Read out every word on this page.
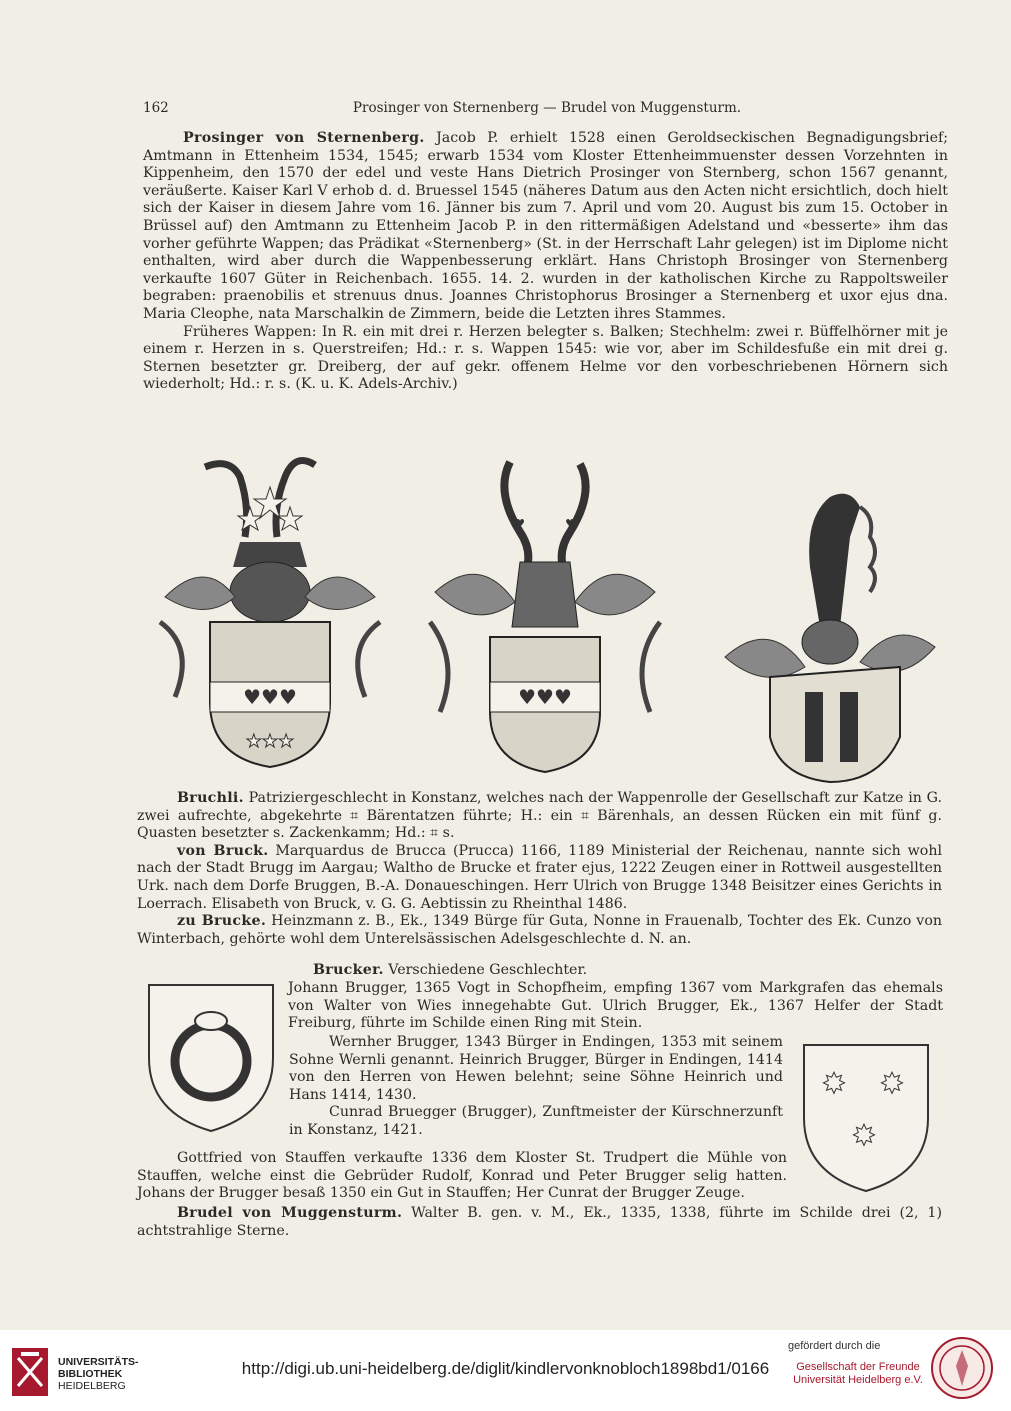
162	Prosinger von Sternenberg — Brudel von Muggensturm.

Prosinger von Sternenberg. Jacob P. erhielt 1528 einen Geroldseckischen Begnadigungsbrief; Amtmann in Ettenheim 1534, 1545; erwarb 1534 vom Kloster Ettenheimmuenster dessen Vorzehnten in Kippenheim, den 1570 der edel und veste Hans Dietrich Prosinger von Sternberg, schon 1567 genannt, veräußerte. Kaiser Karl V erhob d. d. Bruessel 1545 (näheres Datum aus den Acten nicht ersichtlich, doch hielt sich der Kaiser in diesem Jahre vom 16. Jänner bis zum 7. April und vom 20. August bis zum 15. October in Brüssel auf) den Amtmann zu Ettenheim Jacob P. in den rittermäßigen Adelstand und «besserte» ihm das vorher geführte Wappen; das Prädikat «Sternenberg» (St. in der Herrschaft Lahr gelegen) ist im Diplome nicht enthalten, wird aber durch die Wappenbesserung erklärt. Hans Christoph Brosinger von Sternenberg verkaufte 1607 Güter in Reichenbach. 1655. 14. 2. wurden in der katholischen Kirche zu Rappoltsweiler begraben: praenobilis et strenuus dnus. Joannes Christophorus Brosinger a Sternenberg et uxor ejus dna. Maria Cleophe, nata Marschalkin de Zimmern, beide die Letzten ihres Stammes.

Früheres Wappen: In R. ein mit drei r. Herzen belegter s. Balken; Stechhelm: zwei r. Büffelhörner mit je einem r. Herzen in s. Querstreifen; Hd.: r. s. Wappen 1545: wie vor, aber im Schildesfuße ein mit drei g. Sternen besetzter gr. Dreiberg, der auf gekr. offenem Helme vor den vorbeschriebenen Hörnern sich wiederholt; Hd.: r. s. (K. u. K. Adels-Archiv.)

♥♥♥
★★★
♥	♥
♥♥♥

Bruchli. Patriziergeschlecht in Konstanz, welches nach der Wappenrolle der Gesellschaft zur Katze in G. zwei aufrechte, abgekehrte ⌗ Bärentatzen führte; H.: ein ⌗ Bärenhals, an dessen Rücken ein mit fünf g. Quasten besetzter s. Zackenkamm; Hd.: ⌗ s.

von Bruck. Marquardus de Brucca (Prucca) 1166, 1189 Ministerial der Reichenau, nannte sich wohl nach der Stadt Brugg im Aargau; Waltho de Brucke et frater ejus, 1222 Zeugen einer in Rottweil ausgestellten Urk. nach dem Dorfe Bruggen, B.-A. Donaueschingen. Herr Ulrich von Brugge 1348 Beisitzer eines Gerichts in Loerrach. Elisabeth von Bruck, v. G. G. Aebtissin zu Rheinthal 1486.

zu Brucke. Heinzmann z. B., Ek., 1349 Bürge für Guta, Nonne in Frauenalb, Tochter des Ek. Cunzo von Winterbach, gehörte wohl dem Unterelsässischen Adelsgeschlechte d. N. an.

Brucker. Verschiedene Geschlechter.

Johann Brugger, 1365 Vogt in Schopfheim, empfing 1367 vom Markgrafen das ehemals von Walter von Wies innegehabte Gut. Ulrich Brugger, Ek., 1367 Helfer der Stadt Freiburg, führte im Schilde einen Ring mit Stein.
✸ ✸
✸

Wernher Brugger, 1343 Bürger in Endingen, 1353 mit seinem Sohne Wernli genannt. Heinrich Brugger, Bürger in Endingen, 1414 von den Herren von Hewen belehnt; seine Söhne Heinrich und Hans 1414, 1430.

Cunrad Bruegger (Brugger), Zunftmeister der Kürschnerzunft in Konstanz, 1421.

Gottfried von Stauffen verkaufte 1336 dem Kloster St. Trudpert die Mühle von Stauffen, welche einst die Gebrüder Rudolf, Konrad und Peter Brugger selig hatten. Johans der Brugger besaß 1350 ein Gut in Stauffen; Her Cunrat der Brugger Zeuge.

Brudel von Muggensturm. Walter B. gen. v. M., Ek., 1335, 1338, führte im Schilde drei (2, 1) achtstrahlige Sterne.

UNIVERSITÄTS-
BIBLIOTHEK
HEIDELBERG
http://digi.ub.uni-heidelberg.de/diglit/kindlervonknobloch1898bd1/0166
gefördert durch die
Gesellschaft der Freunde
Universität Heidelberg e.V.
